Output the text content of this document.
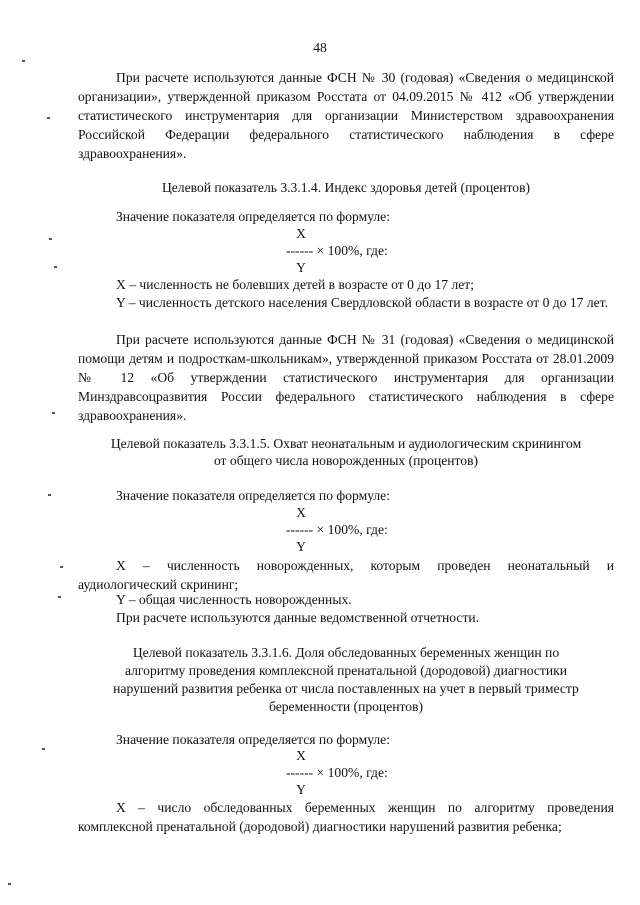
48
При расчете используются данные ФСН № 30 (годовая) «Сведения о медицинской организации», утвержденной приказом Росстата от 04.09.2015 № 412 «Об утверждении статистического инструментария для организации Министерством здравоохранения Российской Федерации федерального статистического наблюдения в сфере здравоохранения».
Целевой показатель 3.3.1.4. Индекс здоровья детей (процентов)
Значение показателя определяется по формуле:
X
------ × 100%, где:
Y
X – численность не болевших детей в возрасте от 0 до 17 лет;
Y – численность детского населения Свердловской области в возрасте от 0 до 17 лет.
При расчете используются данные ФСН № 31 (годовая) «Сведения о медицинской помощи детям и подросткам-школьникам», утвержденной приказом Росстата от 28.01.2009 № 12 «Об утверждении статистического инструментария для организации Минздравсоцразвития России федерального статистического наблюдения в сфере здравоохранения».
Целевой показатель 3.3.1.5. Охват неонатальным и аудиологическим скринингом
от общего числа новорожденных (процентов)
Значение показателя определяется по формуле:
X
------ × 100%, где:
Y
X – численность новорожденных, которым проведен неонатальный и аудиологический скрининг;
Y – общая численность новорожденных.
При расчете используются данные ведомственной отчетности.
Целевой показатель 3.3.1.6. Доля обследованных беременных женщин по
алгоритму проведения комплексной пренатальной (дородовой) диагностики
нарушений развития ребенка от числа поставленных на учет в первый триместр
беременности (процентов)
Значение показателя определяется по формуле:
X
------ × 100%, где:
Y
X – число обследованных беременных женщин по алгоритму проведения комплексной пренатальной (дородовой) диагностики нарушений развития ребенка;
